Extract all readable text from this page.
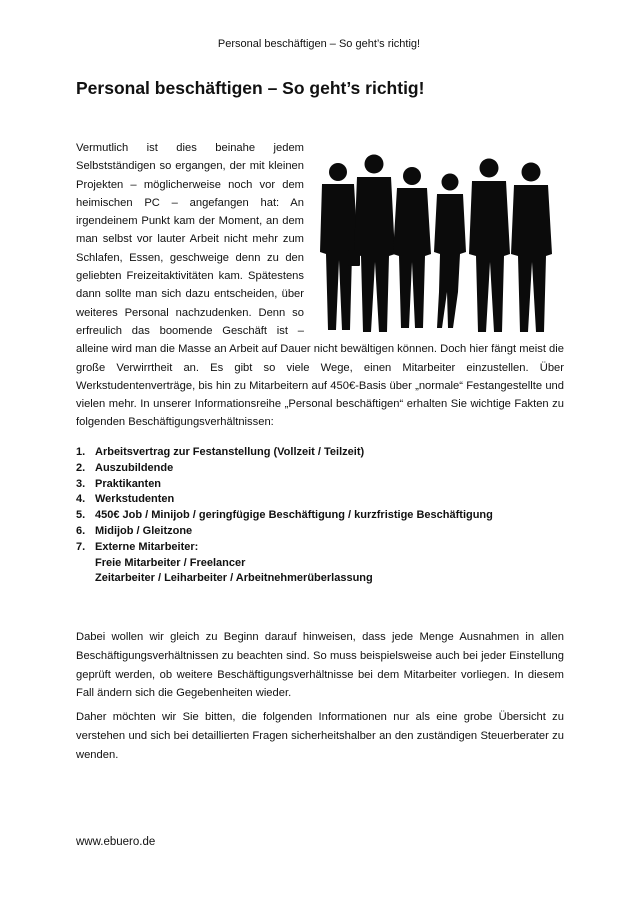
Personal beschäftigen – So geht’s richtig!
Personal beschäftigen – So geht’s richtig!

Vermutlich ist dies beinahe jedem Selbstständigen so ergangen, der mit kleinen Projekten – möglicherweise noch vor dem heimischen PC – angefangen hat: An irgendeinem Punkt kam der Moment, an dem man selbst vor lauter Arbeit nicht mehr zum Schlafen, Essen, geschweige denn zu den geliebten Freizeitaktivitäten kam. Spätestens dann sollte man sich dazu entscheiden, über weiteres Personal nachzudenken. Denn so erfreulich das boomende Geschäft ist – alleine wird man die Masse an Arbeit auf Dauer nicht bewältigen können. Doch hier fängt meist die große Verwirrtheit an. Es gibt so viele Wege, einen Mitarbeiter einzustellen. Über Werkstudentenverträge, bis hin zu Mitarbeitern auf 450€-Basis über „normale“ Festangestellte und vielen mehr. In unserer Informationsreihe „Personal beschäftigen“ erhalten Sie wichtige Fakten zu folgenden Beschäftigungsverhältnissen:

1. Arbeitsvertrag zur Festanstellung (Vollzeit / Teilzeit)
2. Auszubildende
3. Praktikanten
4. Werkstudenten
5. 450€ Job / Minijob / geringfügige Beschäftigung / kurzfristige Beschäftigung
6. Midijob / Gleitzone
7. Externe Mitarbeiter:
Freie Mitarbeiter / Freelancer
Zeitarbeiter / Leiharbeiter / Arbeitnehmerüberlassung

Dabei wollen wir gleich zu Beginn darauf hinweisen, dass jede Menge Ausnahmen in allen Beschäftigungsverhältnissen zu beachten sind. So muss beispielsweise auch bei jeder Einstellung geprüft werden, ob weitere Beschäftigungsverhältnisse bei dem Mitarbeiter vorliegen. In diesem Fall ändern sich die Gegebenheiten wieder.

Daher möchten wir Sie bitten, die folgenden Informationen nur als eine grobe Übersicht zu verstehen und sich bei detaillierten Fragen sicherheitshalber an den zuständigen Steuerberater zu wenden.

www.ebuero.de
